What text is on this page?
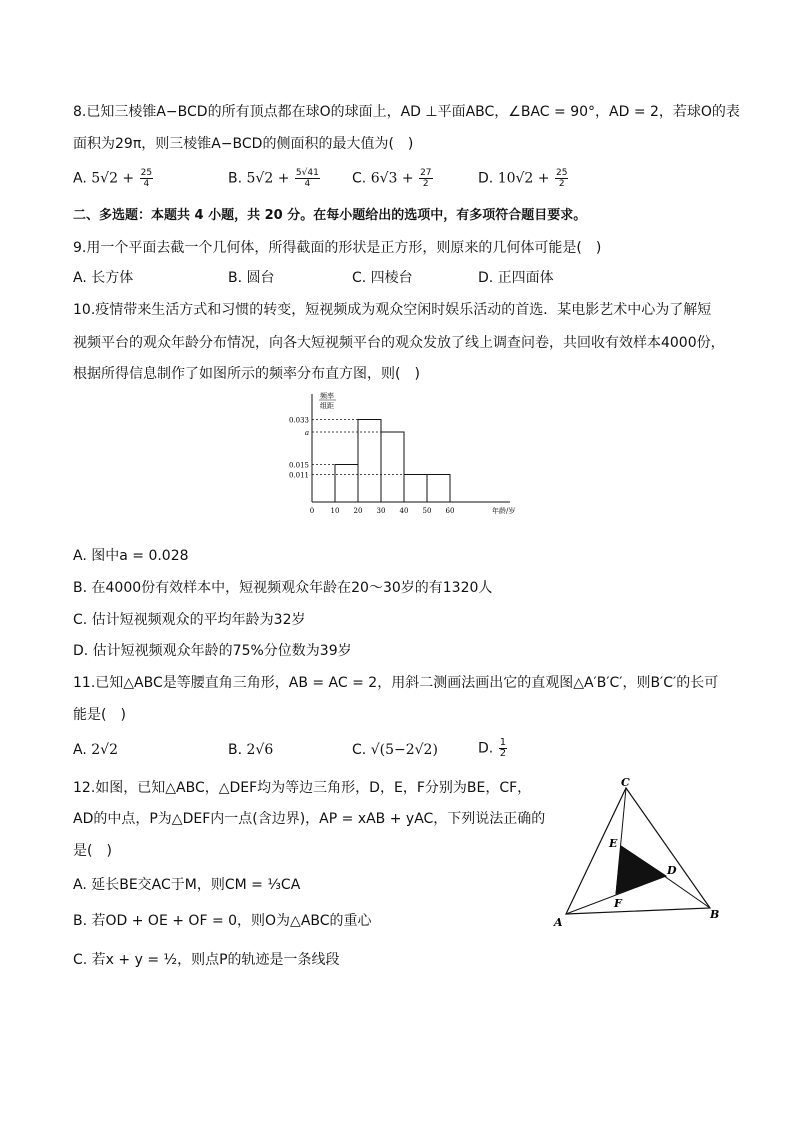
8.已知三棱锥A−BCD的所有顶点都在球O的球面上，AD ⊥平面ABC，∠BAC = 90°，AD = 2，若球O的表
面积为29π，则三棱锥A−BCD的侧面积的最大值为(　)
A. $5√2 + \frac{25}{4}$	B. $5√2 + \frac{5√41}{4} C$. $6√3 + \frac{27}{2}$	D. $10√2 + \frac{25}{2}$
二、多选题：本题共 4 小题，共 20 分。在每小题给出的选项中，有多项符合题目要求。
9.用一个平面去截一个几何体，所得截面的形状是正方形，则原来的几何体可能是(　)
A. 长方体	B. 圆台	C. 四棱台	D. 正四面体
10.疫情带来生活方式和习惯的转变，短视频成为观众空闲时娱乐活动的首选．某电影艺术中心为了解短
视频平台的观众年龄分布情况，向各大短视频平台的观众发放了线上调查问卷，共回收有效样本4000份，
根据所得信息制作了如图所示的频率分布直方图，则(　)
0.033
a
0.015
0.011
0 10 20 30 40 50 60
频率
组距
年龄/岁
A. 图中a = 0.028
B. 在4000份有效样本中，短视频观众年龄在20～30岁的有1320人
C. 估计短视频观众的平均年龄为32岁
D. 估计短视频观众年龄的75%分位数为39岁
11.已知△ABC是等腰直角三角形，AB = AC = 2，用斜二测画法画出它的直观图△A′B′C′，则B′C′的长可
能是(　)
A. 2√2	B. 2√6	C. √(5−2√2)	D. $\frac{1}{2}$
12.如图，已知△ABC，△DEF均为等边三角形，D，E，F分别为BE，CF，
AD的中点，P为△DEF内一点(含边界)，AP = xAB + yAC，下列说法正确的
是(　)
A. 延长BE交AC于M，则CM = ⅓CA
B. 若OD + OE + OF = 0，则O为△ABC的重心
C. 若x + y = ½，则点P的轨迹是一条线段
A
B
C
D
E
F
